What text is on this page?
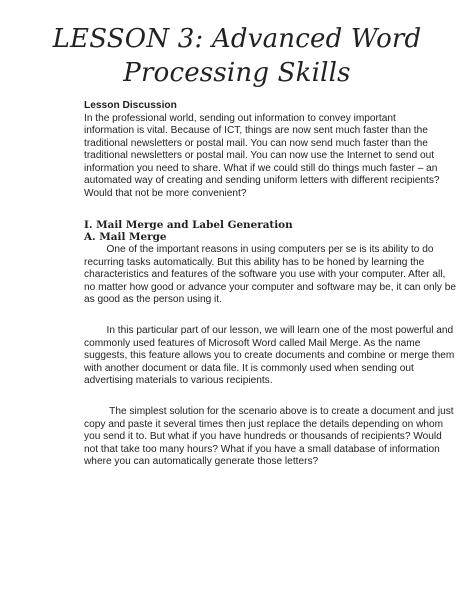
LESSON 3: Advanced Word
Processing Skills
Lesson Discussion
In the professional world, sending out information to convey important
information is vital. Because of ICT, things are now sent much faster than the
traditional newsletters or postal mail. You can now send much faster than the
traditional newsletters or postal mail. You can now use the Internet to send out
information you need to share. What if we could still do things much faster – an
automated way of creating and sending uniform letters with different recipients?
Would that not be more convenient?
I. Mail Merge and Label Generation
A. Mail Merge
One of the important reasons in using computers per se is its ability to do
recurring tasks automatically. But this ability has to be honed by learning the
characteristics and features of the software you use with your computer. After all,
no matter how good or advance your computer and software may be, it can only be
as good as the person using it.
In this particular part of our lesson, we will learn one of the most powerful and
commonly used features of Microsoft Word called Mail Merge. As the name
suggests, this feature allows you to create documents and combine or merge them
with another document or data file. It is commonly used when sending out
advertising materials to various recipients.
The simplest solution for the scenario above is to create a document and just
copy and paste it several times then just replace the details depending on whom
you send it to. But what if you have hundreds or thousands of recipients? Would
not that take too many hours? What if you have a small database of information
where you can automatically generate those letters?
